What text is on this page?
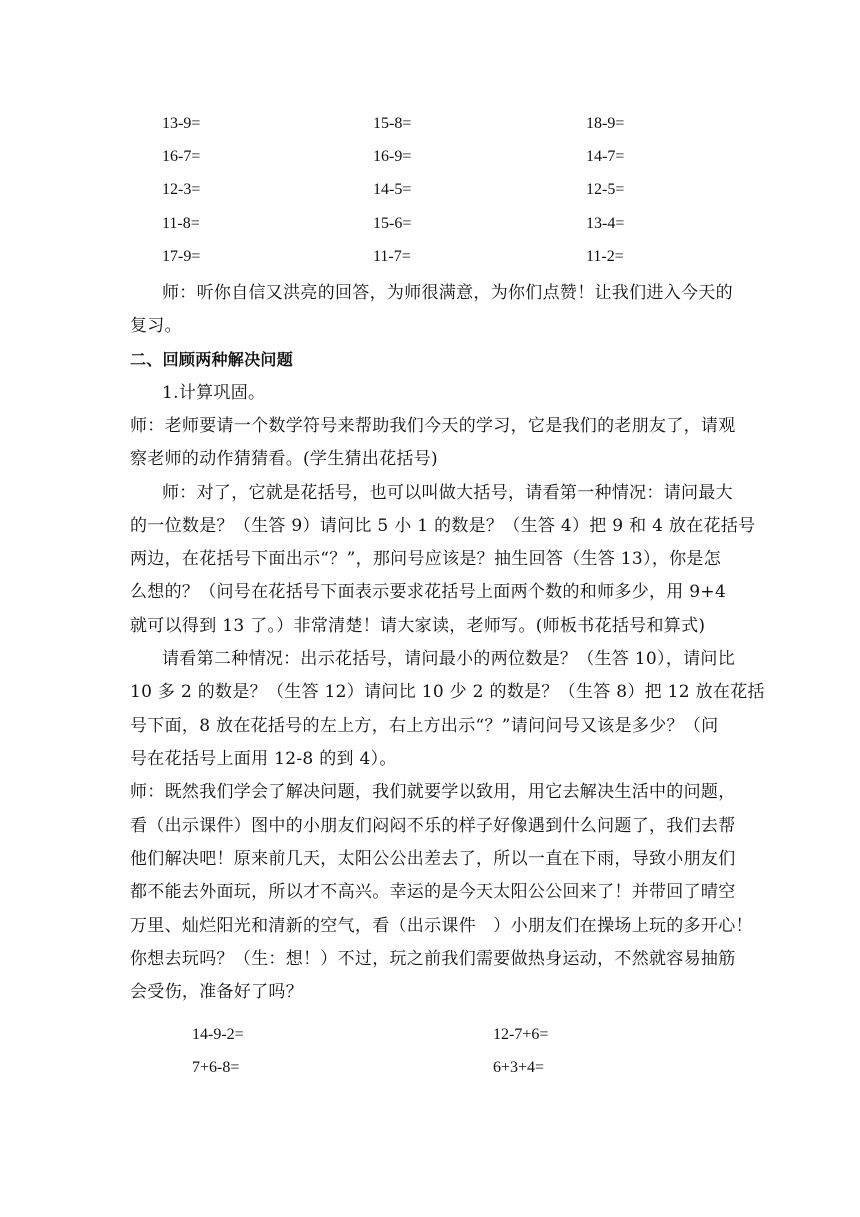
13-9=	15-8=	18-9=
16-7=	16-9=	14-7=
12-3=	14-5=	12-5=
11-8=	15-6=	13-4=
17-9=	11-7=	11-2=
师：听你自信又洪亮的回答，为师很满意，为你们点赞！让我们进入今天的
复习。
二、回顾两种解决问题
1.计算巩固。
师：老师要请一个数学符号来帮助我们今天的学习，它是我们的老朋友了，请观
察老师的动作猜猜看。(学生猜出花括号)
师：对了，它就是花括号，也可以叫做大括号，请看第一种情况：请问最大
的一位数是？（生答 9）请问比 5 小 1 的数是？（生答 4）把 9 和 4 放在花括号
两边，在花括号下面出示“？”，那问号应该是？抽生回答（生答 13），你是怎
么想的？（问号在花括号下面表示要求花括号上面两个数的和师多少，用 9+4
就可以得到 13 了。）非常清楚！请大家读，老师写。(师板书花括号和算式)
请看第二种情况：出示花括号，请问最小的两位数是？（生答 10），请问比
10 多 2 的数是？（生答 12）请问比 10 少 2 的数是？（生答 8）把 12 放在花括
号下面，8 放在花括号的左上方，右上方出示“？”请问问号又该是多少？（问
号在花括号上面用 12-8 的到 4）。
师：既然我们学会了解决问题，我们就要学以致用，用它去解决生活中的问题，
看（出示课件）图中的小朋友们闷闷不乐的样子好像遇到什么问题了，我们去帮
他们解决吧！原来前几天，太阳公公出差去了，所以一直在下雨，导致小朋友们
都不能去外面玩，所以才不高兴。幸运的是今天太阳公公回来了！并带回了晴空
万里、灿烂阳光和清新的空气，看（出示课件　）小朋友们在操场上玩的多开心！
你想去玩吗？（生：想！）不过，玩之前我们需要做热身运动，不然就容易抽筋
会受伤，准备好了吗？
14-9-2=	12-7+6=
7+6-8=	6+3+4=
